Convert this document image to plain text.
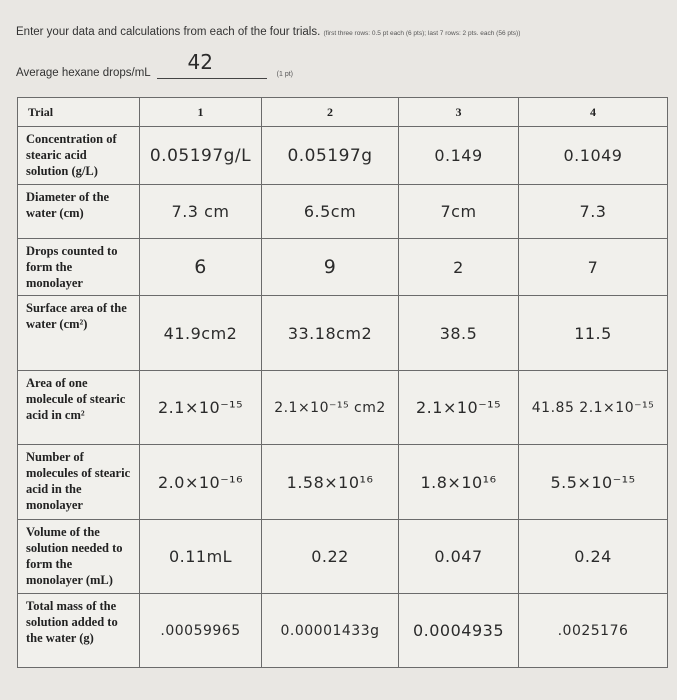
Enter your data and calculations from each of the four trials. (first three rows: 0.5 pt each (6 pts); last 7 rows: 2 pts. each (56 pts))
Average hexane drops/mL 42
(1 pt)
Trial	1	2	3	4
Concentration of stearic acid solution (g/L)	0.05197g/L	0.05197g	0.149	0.1049
Diameter of the water (cm)	7.3 cm	6.5cm	7cm	7.3
Drops counted to form the monolayer	6	9	2	7
Surface area of the water (cm²)	41.9cm2	33.18cm2	38.5	11.5
Area of one molecule of stearic acid in cm²	2.1×10⁻¹⁵	2.1×10⁻¹⁵ cm2	2.1×10⁻¹⁵	41.85 2.1×10⁻¹⁵
Number of molecules of stearic acid in the monolayer	2.0×10⁻¹⁶	1.58×10¹⁶	1.8×10¹⁶	5.5×10⁻¹⁵
Volume of the solution needed to form the monolayer (mL)	0.11mL	0.22	0.047	0.24
Total mass of the solution added to the water (g)	.00059965	0.00001433g	0.0004935	.0025176
